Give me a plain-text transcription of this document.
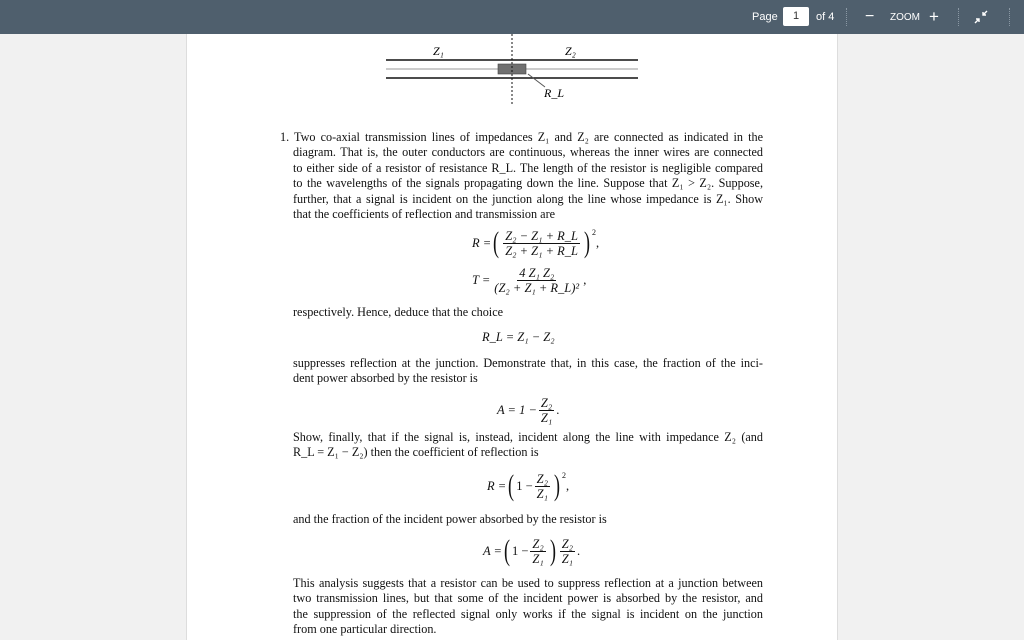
Page	1	of 4 − ZOOM +
Z₁	Z₂
R_L
1. Two co-axial transmission lines of impedances Z₁ and Z₂ are connected as indicated in the
diagram. That is, the outer conductors are continuous, whereas the inner wires are connected
to either side of a resistor of resistance R_L. The length of the resistor is negligible compared
to the wavelengths of the signals propagating down the line. Suppose that Z₁ > Z₂. Suppose,
further, that a signal is incident on the junction along the line whose impedance is Z₁. Show
that the coefficients of reflection and transmission are
R = ( $\frac{\text{Z₂ − Z₁ + R\_L}}{\text{Z₂ + Z₁ + R\_L}}$ ) $^2$
,
$T = \frac{\text{4 Z₁ Z₂}}{\text{(Z₂ + Z₁ + R\_L)²}}$ ,
respectively. Hence, deduce that the choice
R_L = Z₁ − Z₂
suppresses reflection at the junction. Demonstrate that, in this case, the fraction of the inci-
dent power absorbed by the resistor is
$A = 1 - \frac{\text{Z₂}}{\text{Z₁}}$ .
Show, finally, that if the signal is, instead, incident along the line with impedance Z₂ (and
R_L = Z₁ − Z₂) then the coefficient of reflection is
R = ( $1 - \frac{\text{Z₂}}{\text{Z₁}}$ ) $^2$
,
and the fraction of the incident power absorbed by the resistor is
A = ( $1 - \frac{\text{Z₂}}{\text{Z₁}}$ ) $\frac{\text{Z₂}}{\text{Z₁}}$ .
This analysis suggests that a resistor can be used to suppress reflection at a junction between
two transmission lines, but that some of the incident power is absorbed by the resistor, and
the suppression of the reflected signal only works if the signal is incident on the junction
from one particular direction.
